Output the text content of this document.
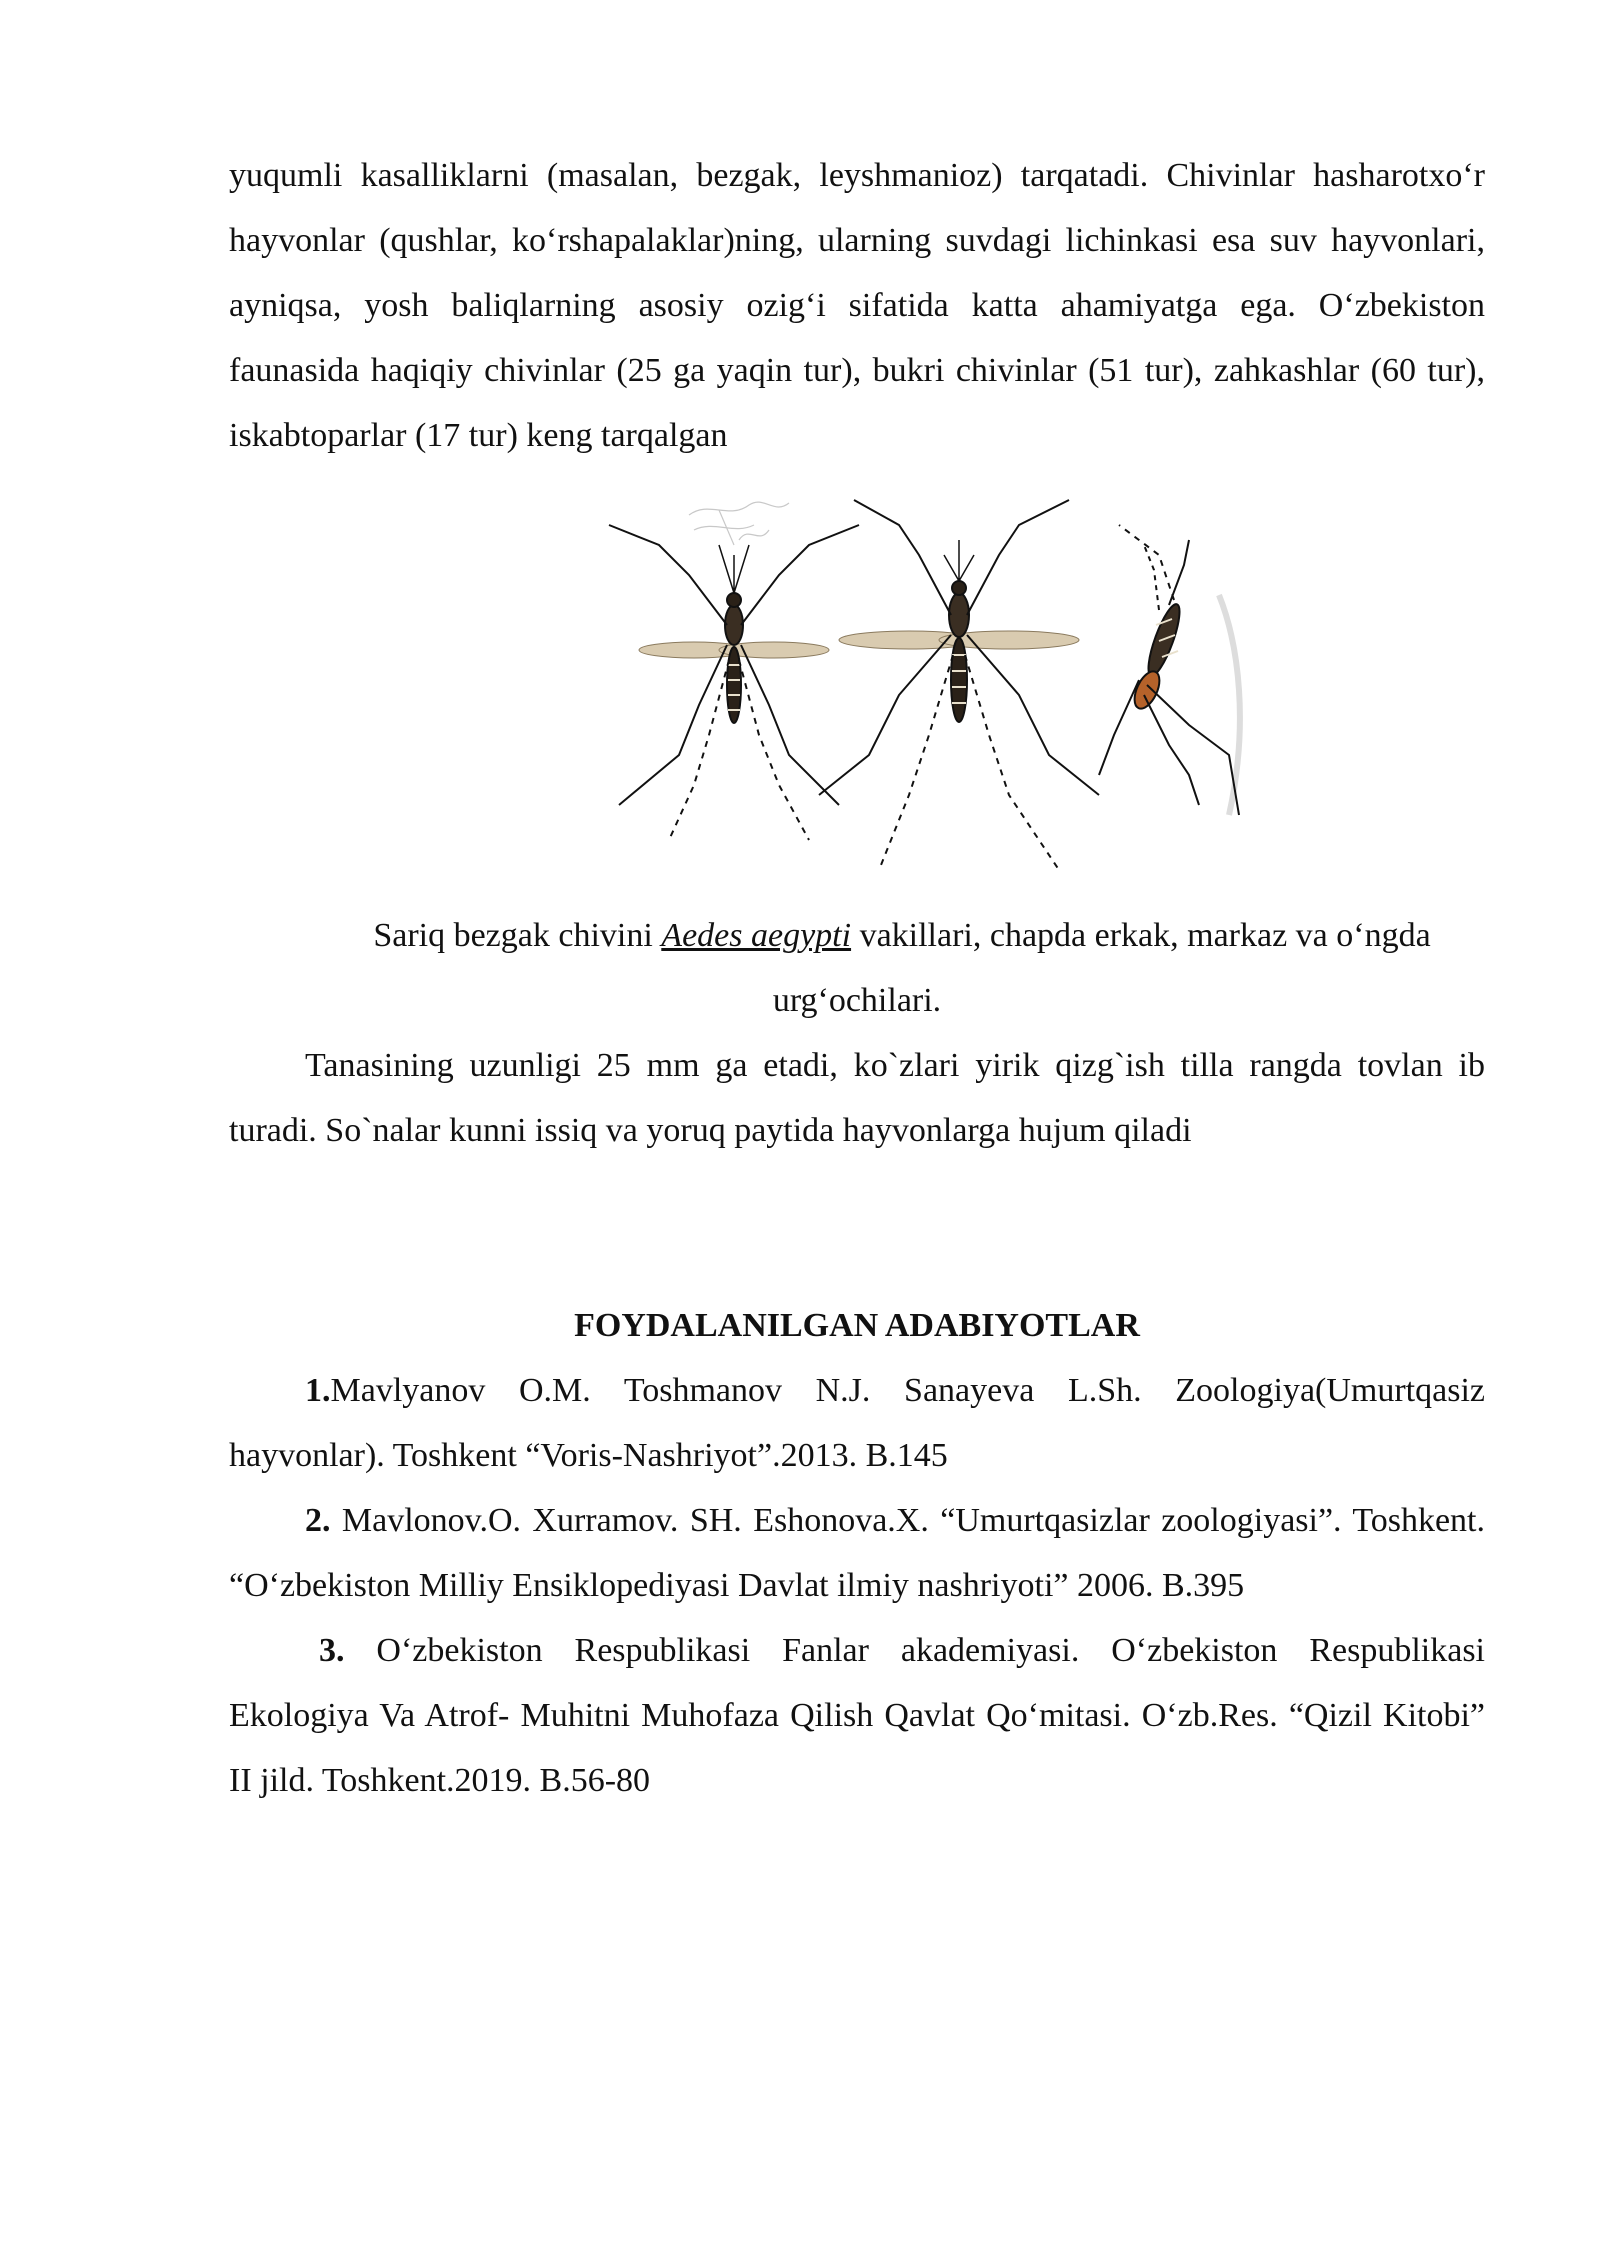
yuqumli kasalliklarni (masalan, bezgak, leyshmanioz) tarqatadi. Chivinlar hasharotxo‘r hayvonlar (qushlar, ko‘rshapalaklar)ning, ularning suvdagi lichinkasi esa suv hayvonlari, ayniqsa, yosh baliqlarning asosiy ozig‘i sifatida katta ahamiyatga ega. O‘zbekiston faunasida haqiqiy chivinlar (25 ga yaqin tur), bukri chivinlar (51 tur), zahkashlar (60 tur), iskabtoparlar (17 tur) keng tarqalgan

Sariq bezgak chivini Aedes aegypti vakillari, chapda erkak, markaz va o‘ngda
urg‘ochilari.

Tanasining uzunligi 25 mm ga etadi, ko`zlari yirik qizg`ish tilla rangda tovlan ib turadi. So`nalar kunni issiq va yoruq paytida hayvonlarga hujum qiladi

FOYDALANILGAN ADABIYOTLAR

1.Mavlyanov O.M. Toshmanov N.J. Sanayeva L.Sh. Zoologiya(Umurtqasiz hayvonlar). Toshkent “Voris-Nashriyot”.2013. B.145

2. Mavlonov.O. Xurramov. SH. Eshonova.X. “Umurtqasizlar zoologiyasi”. Toshkent. “O‘zbekiston Milliy Ensiklopediyasi Davlat ilmiy nashriyoti” 2006. B.395

3. O‘zbekiston Respublikasi Fanlar akademiyasi. O‘zbekiston Respublikasi Ekologiya Va Atrof- Muhitni Muhofaza Qilish Qavlat Qo‘mitasi. O‘zb.Res. “Qizil Kitobi” II jild. Toshkent.2019. B.56-80
